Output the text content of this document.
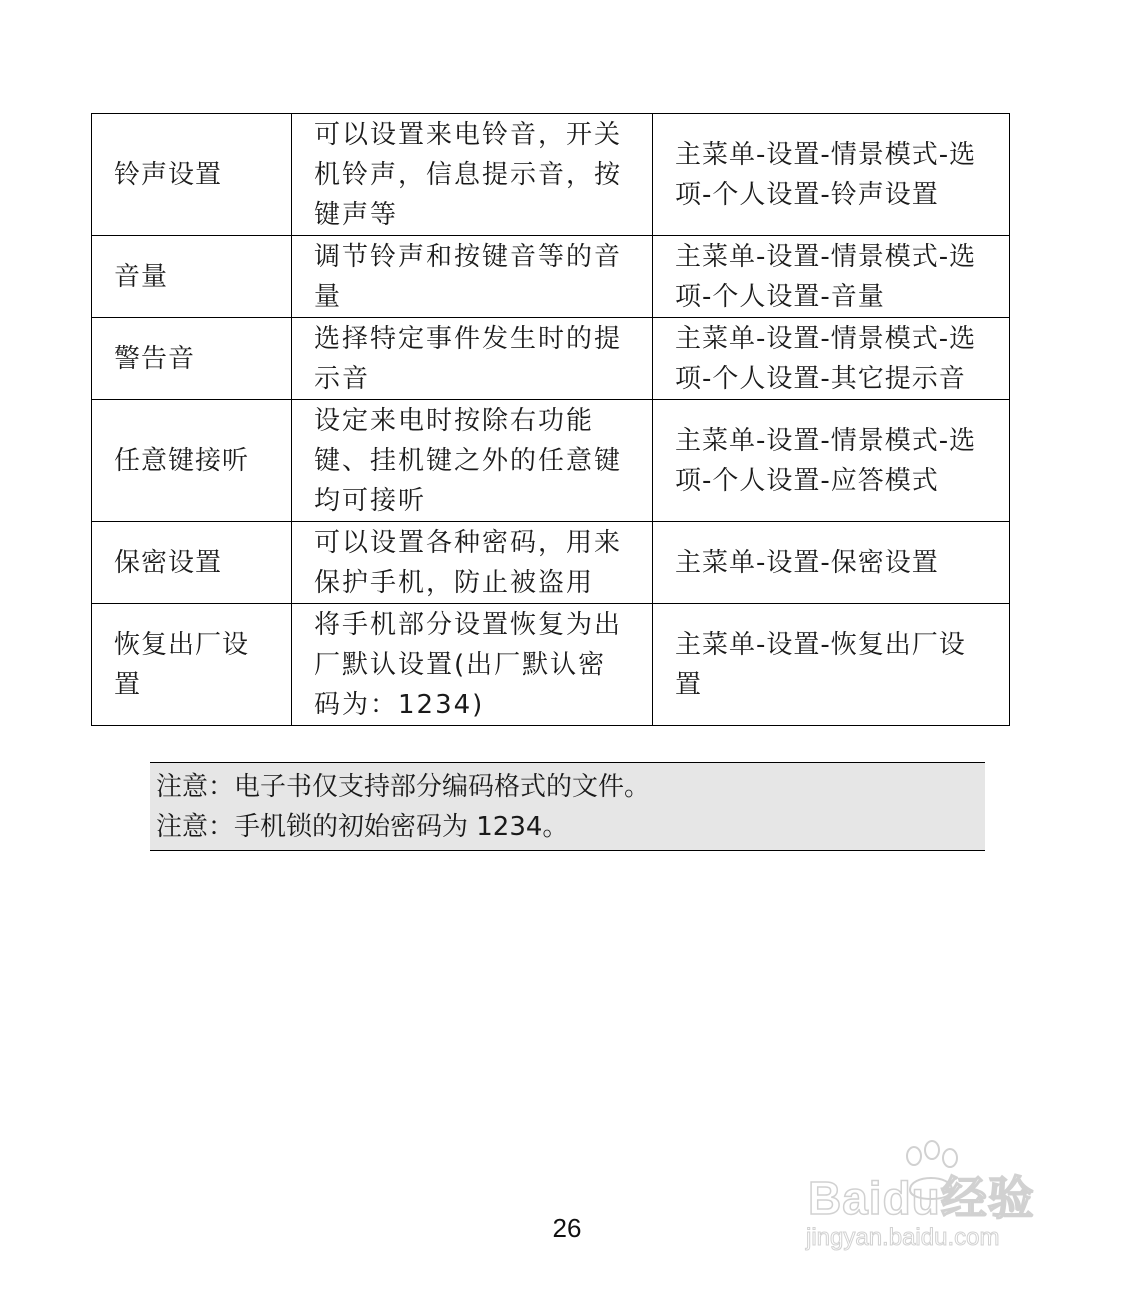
铃声设置	可以设置来电铃音，开关机铃声，信息提示音，按键声等	主菜单-设置-情景模式-选项-个人设置-铃声设置
音量	调节铃声和按键音等的音量	主菜单-设置-情景模式-选项-个人设置-音量
警告音	选择特定事件发生时的提示音	主菜单-设置-情景模式-选项-个人设置-其它提示音
任意键接听	设定来电时按除右功能键、挂机键之外的任意键均可接听	主菜单-设置-情景模式-选项-个人设置-应答模式
保密设置	可以设置各种密码，用来保护手机，防止被盗用	主菜单-设置-保密设置
恢复出厂设置	将手机部分设置恢复为出厂默认设置(出厂默认密码为：1234)	主菜单-设置-恢复出厂设置
注意：电子书仅支持部分编码格式的文件。
注意：手机锁的初始密码为 1234。
26
Baidu经验
jingyan.baidu.com
